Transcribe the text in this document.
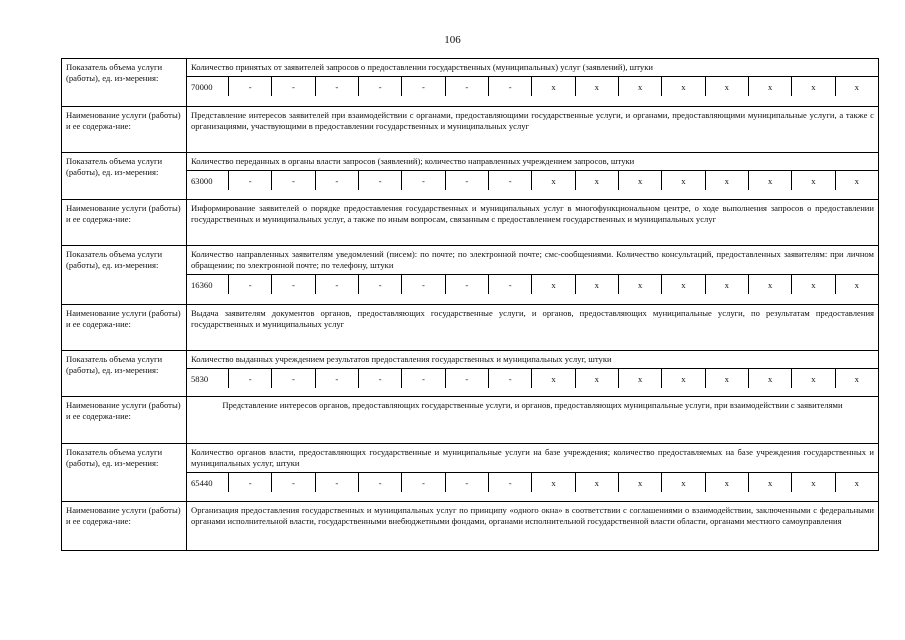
106
Показатель объема услуги (работы), ед. из-мерения:
Количество принятых от заявителей запросов о предоставлении государственных (муниципальных) услуг (заявлений), штуки
70000	-	-	-	-	-	-	-	x	x	x	x	x	x	x	x
Наименование услуги (работы) и ее содержа-ние:
Представление интересов заявителей при взаимодействии с органами, предоставляющими государственные услуги, и органами, предоставляющими муниципальные услуги, а также с организациями, участвующими в предоставлении государственных и муниципальных услуг
Показатель объема услуги (работы), ед. из-мерения:
Количество переданных в органы власти запросов (заявлений); количество направленных учреждением запросов, штуки
63000	-	-	-	-	-	-	-	x	x	x	x	x	x	x	x
Наименование услуги (работы) и ее содержа-ние:
Информирование заявителей о порядке предоставления государственных и муниципальных услуг в многофункциональном центре, о ходе выполнения запросов о предоставлении государственных и муниципальных услуг, а также по иным вопросам, связанным с предоставлением государственных и муниципальных услуг
Показатель объема услуги (работы), ед. из-мерения:
Количество направленных заявителям уведомлений (писем): по почте; по электронной почте; смс-сообщениями. Количество консультаций, предоставленных заявителям: при личном обращении; по электронной почте; по телефону, штуки
16360	-	-	-	-	-	-	-	x	x	x	x	x	x	x	x
Наименование услуги (работы) и ее содержа-ние:
Выдача заявителям документов органов, предоставляющих государственные услуги, и органов, предоставляющих муниципальные услуги, по результатам предоставления государственных и муниципальных услуг
Показатель объема услуги (работы), ед. из-мерения:
Количество выданных учреждением результатов предоставления государственных и муниципальных услуг, штуки
5830	-	-	-	-	-	-	-	x	x	x	x	x	x	x	x
Наименование услуги (работы) и ее содержа-ние:
Представление интересов органов, предоставляющих государственные услуги, и органов, предоставляющих муниципальные услуги, при взаимодействии с заявителями
Показатель объема услуги (работы), ед. из-мерения:
Количество органов власти, предоставляющих государственные и муниципальные услуги на базе учреждения; количество предоставляемых на базе учреждения государственных и муниципальных услуг, штуки
65440	-	-	-	-	-	-	-	x	x	x	x	x	x	x	x
Наименование услуги (работы) и ее содержа-ние:
Организация предоставления государственных и муниципальных услуг по принципу «одного окна» в соответствии с соглашениями о взаимодействии, заключенными с федеральными органами исполнительной власти, государственными внебюджетными фондами, органами исполнительной государственной власти области, органами местного самоуправления
